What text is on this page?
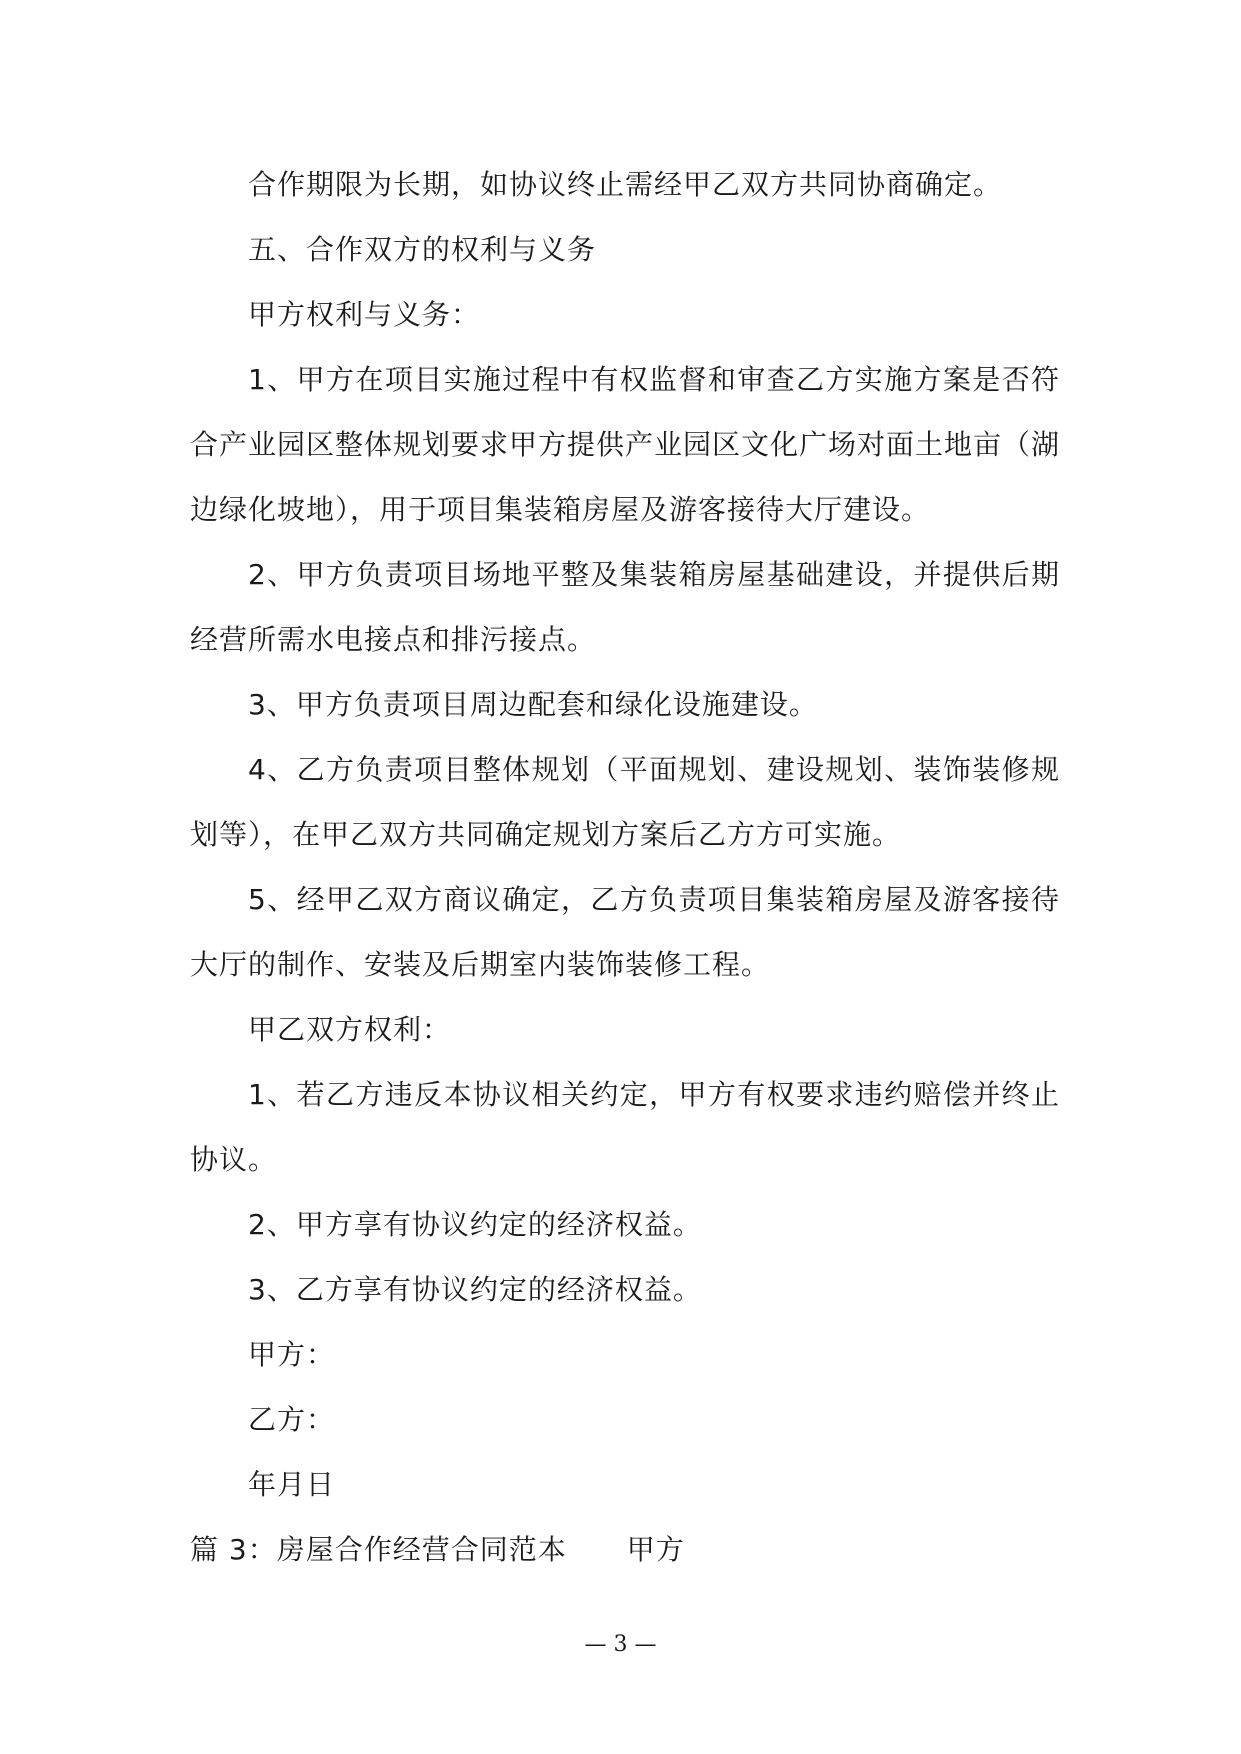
合作期限为长期，如协议终止需经甲乙双方共同协商确定。

五、合作双方的权利与义务

甲方权利与义务：

1、甲方在项目实施过程中有权监督和审查乙方实施方案是否符合产业园区整体规划要求甲方提供产业园区文化广场对面土地亩（湖边绿化坡地），用于项目集装箱房屋及游客接待大厅建设。

2、甲方负责项目场地平整及集装箱房屋基础建设，并提供后期经营所需水电接点和排污接点。

3、甲方负责项目周边配套和绿化设施建设。

4、乙方负责项目整体规划（平面规划、建设规划、装饰装修规划等），在甲乙双方共同确定规划方案后乙方方可实施。

5、经甲乙双方商议确定，乙方负责项目集装箱房屋及游客接待大厅的制作、安装及后期室内装饰装修工程。

甲乙双方权利：

1、若乙方违反本协议相关约定，甲方有权要求违约赔偿并终止协议。

2、甲方享有协议约定的经济权益。

3、乙方享有协议约定的经济权益。

甲方：

乙方：

年月日

篇 3：房屋合作经营合同范本 甲方

— 3 —
